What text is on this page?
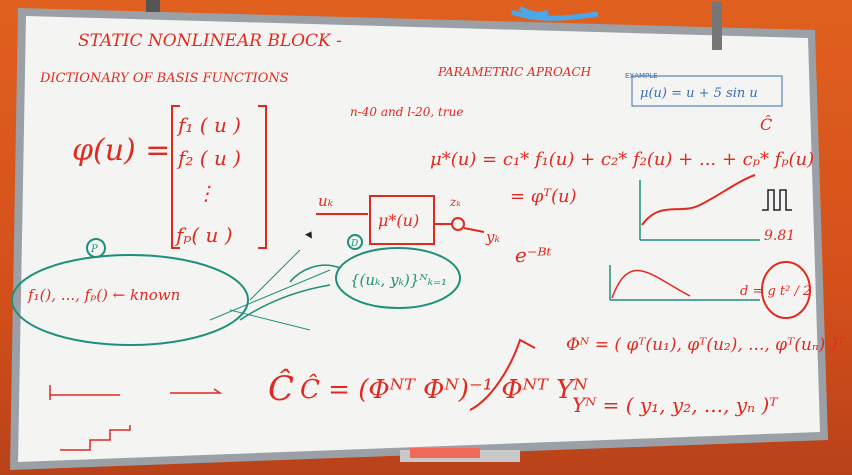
STATIC NONLINEAR BLOCK -
PARAMETRIC APROACH
DICTIONARY OF BASIS FUNCTIONS
φ(u) =
f₁ ( u )
f₂ ( u )
⋮
fₚ( u )
n-40 and l-20, true
μ*(u) = c₁* f₁(u) + c₂* f₂(u) + ... + cₚ* fₚ(u)
= φᵀ(u)
uₖ
μ*(u)
zₖ
yₖ
e⁻ᴮᵗ
P
f₁(), ..., fₚ() ← known
D
{(uₖ, yₖ)}ᴺₖ₌₁
Ĉ Ĉ = (Φᴺᵀ Φᴺ)⁻¹ Φᴺᵀ Yᴺ
Φᴺ = ( φᵀ(u₁), φᵀ(u₂), ..., φᵀ(uₙ) )ᵀ
Yᴺ = ( y₁, y₂, ..., yₙ )ᵀ
EXAMPLE
μ(u) = u + 5 sin u
Ĉ
9.81
d = g t² / 2
